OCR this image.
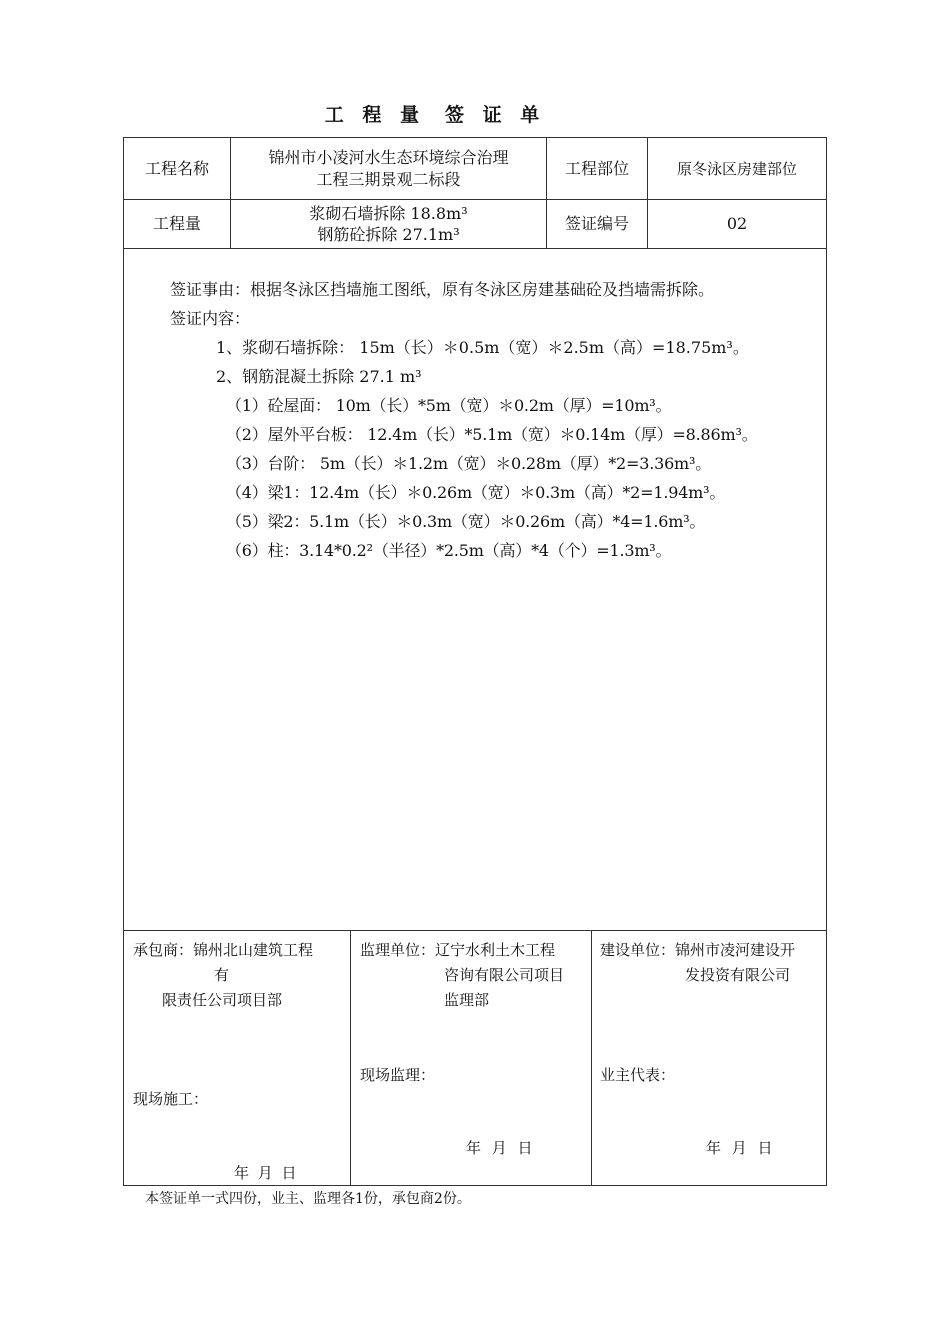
工 程 量 签 证 单
工程名称
锦州市小凌河水生态环境综合治理
工程三期景观二标段
工程部位	原冬泳区房建部位
工程量
浆砌石墙拆除 18.8m³
钢筋砼拆除 27.1m³
签证编号	02
签证事由：根据冬泳区挡墙施工图纸，原有冬泳区房建基础砼及挡墙需拆除。
签证内容：
1、浆砌石墙拆除： 15m（长）＊0.5m（宽）＊2.5m（高）=18.75m³。
2、钢筋混凝土拆除 27.1 m³
（1）砼屋面： 10m（长）*5m（宽）＊0.2m（厚）=10m³。
（2）屋外平台板： 12.4m（长）*5.1m（宽）＊0.14m（厚）=8.86m³。
（3）台阶： 5m（长）＊1.2m（宽）＊0.28m（厚）*2=3.36m³。
（4）梁1：12.4m（长）＊0.26m（宽）＊0.3m（高）*2=1.94m³。
（5）梁2：5.1m（长）＊0.3m（宽）＊0.26m（高）*4=1.6m³。
（6）柱：3.14*0.2²（半径）*2.5m（高）*4（个）=1.3m³。
承包商：锦州北山建筑工程
有
限责任公司项目部
现场施工：
年 月 日
监理单位：辽宁水利土木工程
咨询有限公司项目
监理部
现场监理：
年 月 日
建设单位：锦州市凌河建设开
发投资有限公司
业主代表：
年 月 日
本签证单一式四份，业主、监理各1份，承包商2份。
